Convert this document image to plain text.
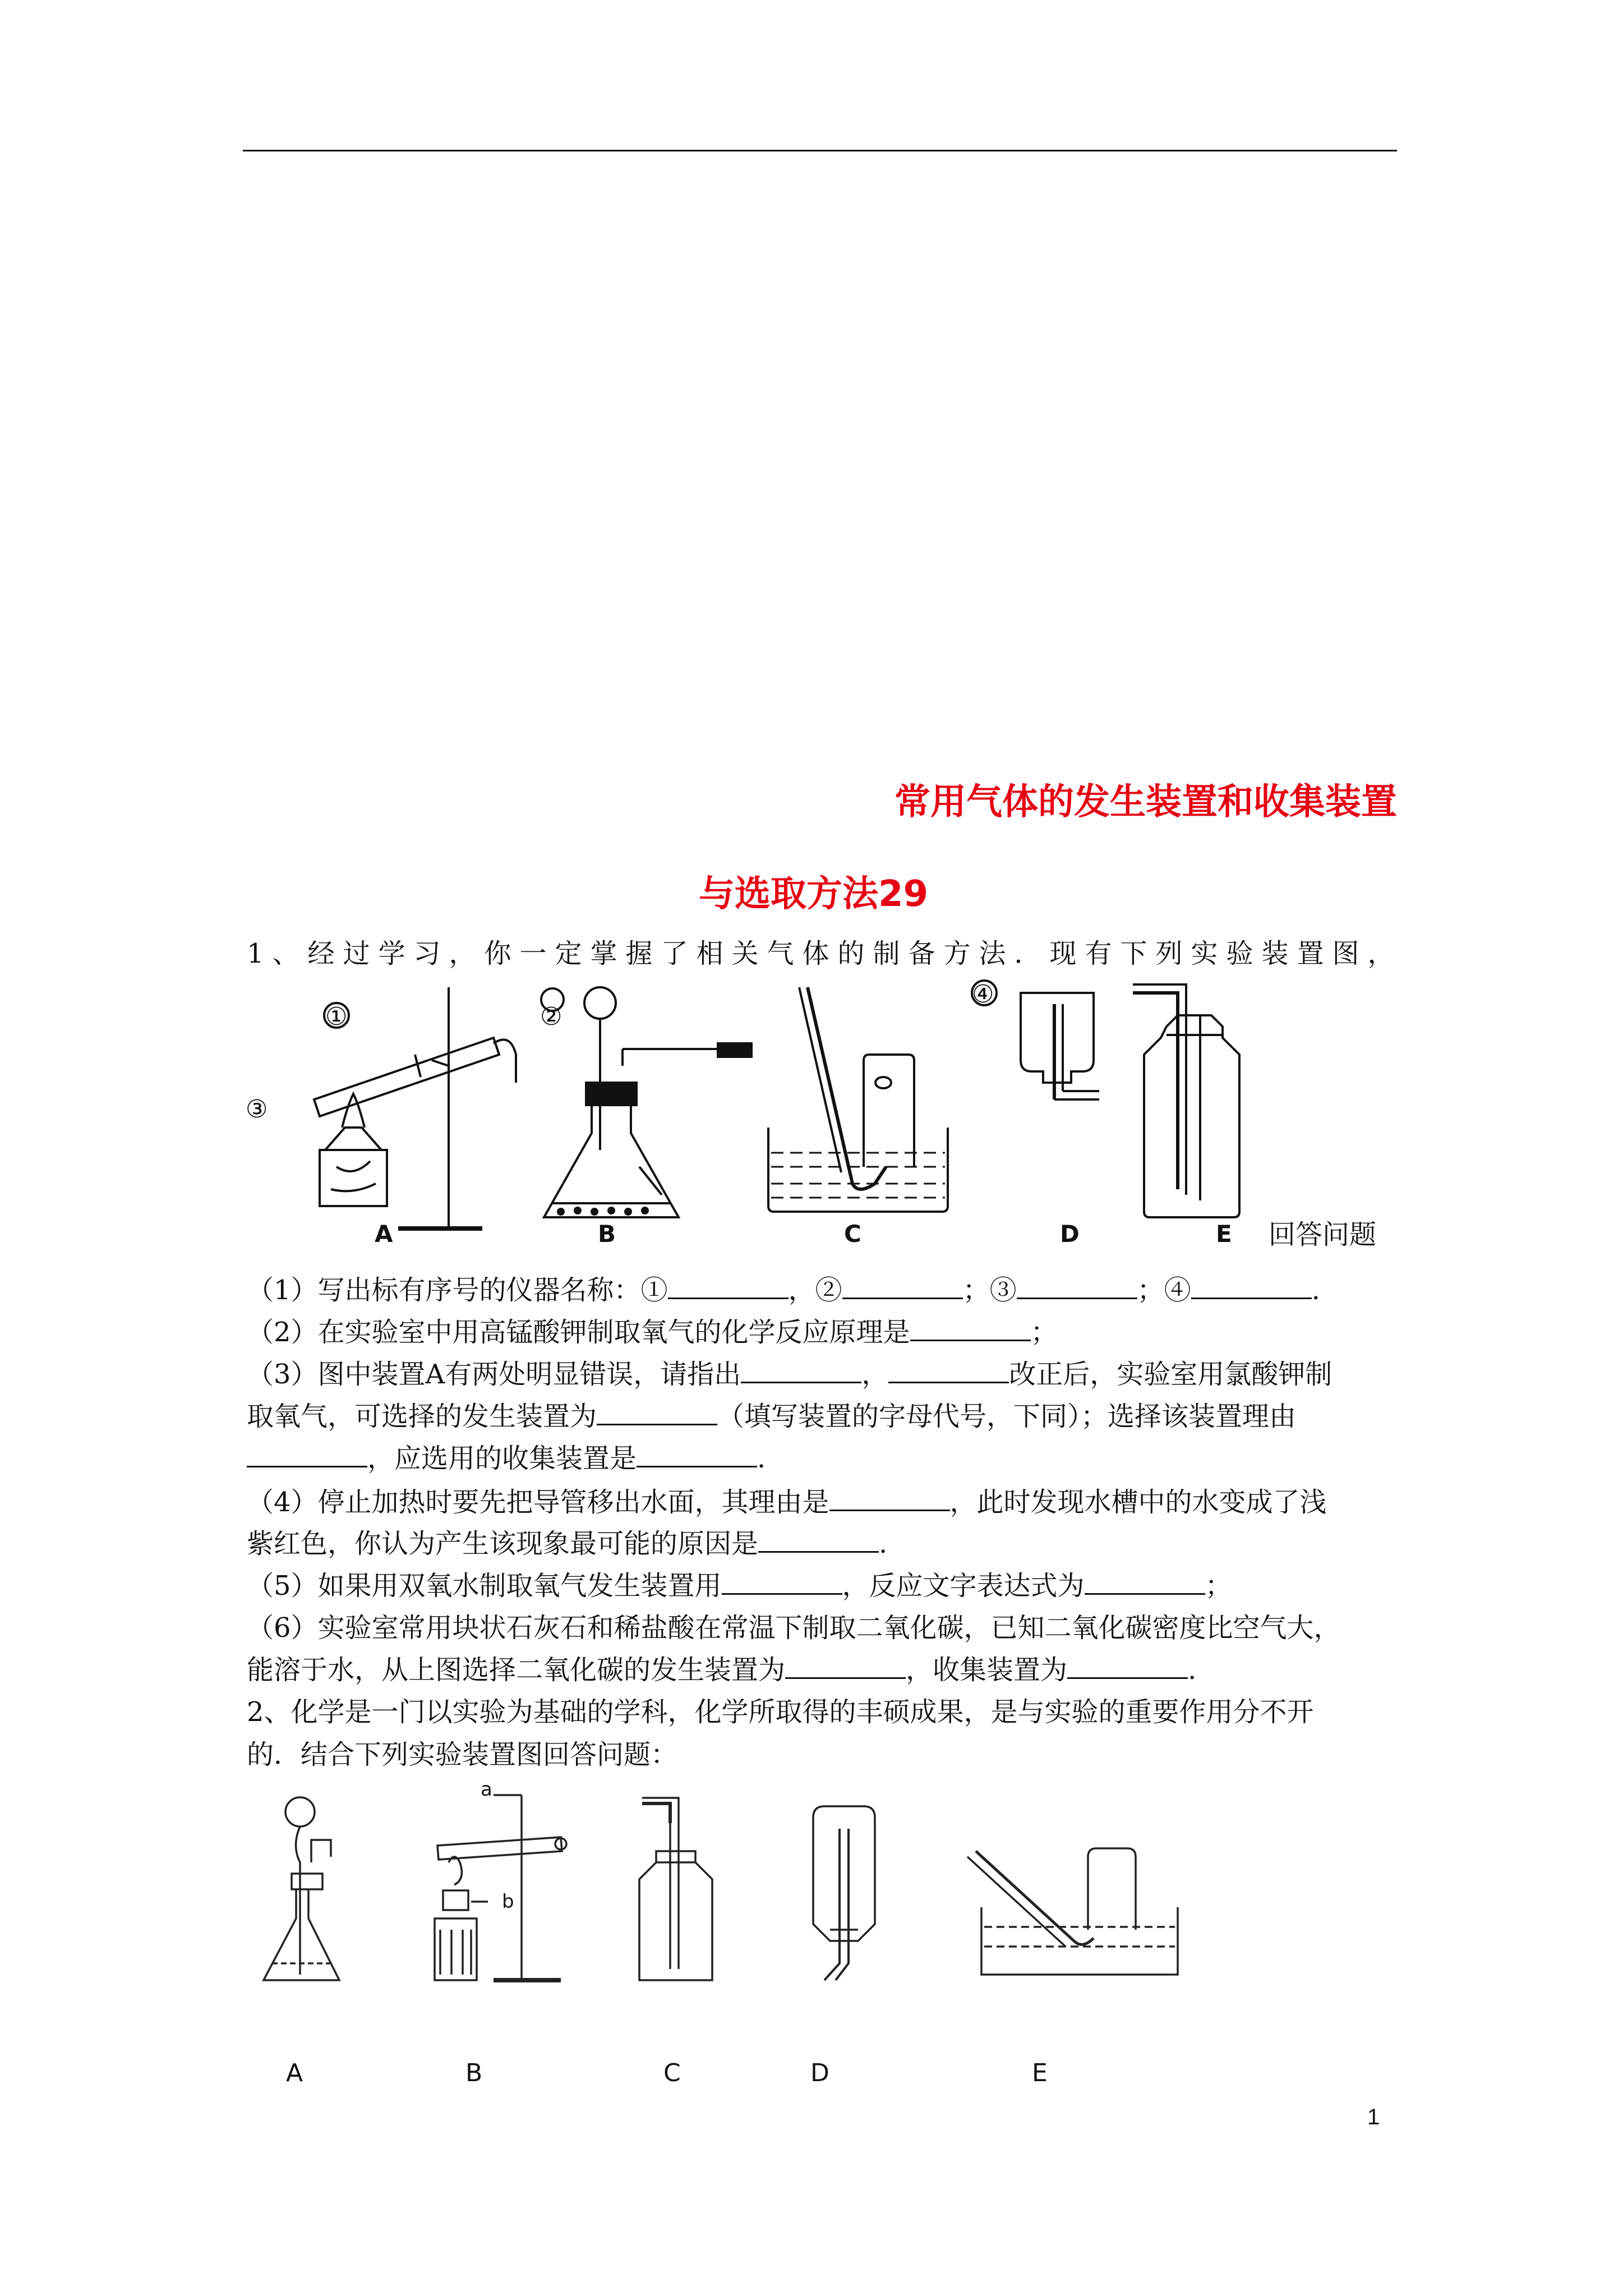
常用气体的发生装置和收集装置
与选取方法29
1、经过学习，你一定掌握了相关气体的制备方法．现有下列实验装置图，
①	②
③
④
A	B	C	D	E 回答问题
（1）写出标有序号的仪器名称：①	，②	；③	；④	.
（2）在实验室中用高锰酸钾制取氧气的化学反应原理是	；
（3）图中装置A有两处明显错误，请指出	，	改正后，实验室用氯酸钾制
取氧气，可选择的发生装置为	（填写装置的字母代号，下同）；选择该装置理由
，应选用的收集装置是	.
（4）停止加热时要先把导管移出水面，其理由是	，此时发现水槽中的水变成了浅
紫红色，你认为产生该现象最可能的原因是	.
（5）如果用双氧水制取氧气发生装置用	，反应文字表达式为	；
（6）实验室常用块状石灰石和稀盐酸在常温下制取二氧化碳，已知二氧化碳密度比空气大，
能溶于水，从上图选择二氧化碳的发生装置为	，收集装置为	.
2、化学是一门以实验为基础的学科，化学所取得的丰硕成果，是与实验的重要作用分不开
的．结合下列实验装置图回答问题：
a
b
A	B	C	D	E
1
